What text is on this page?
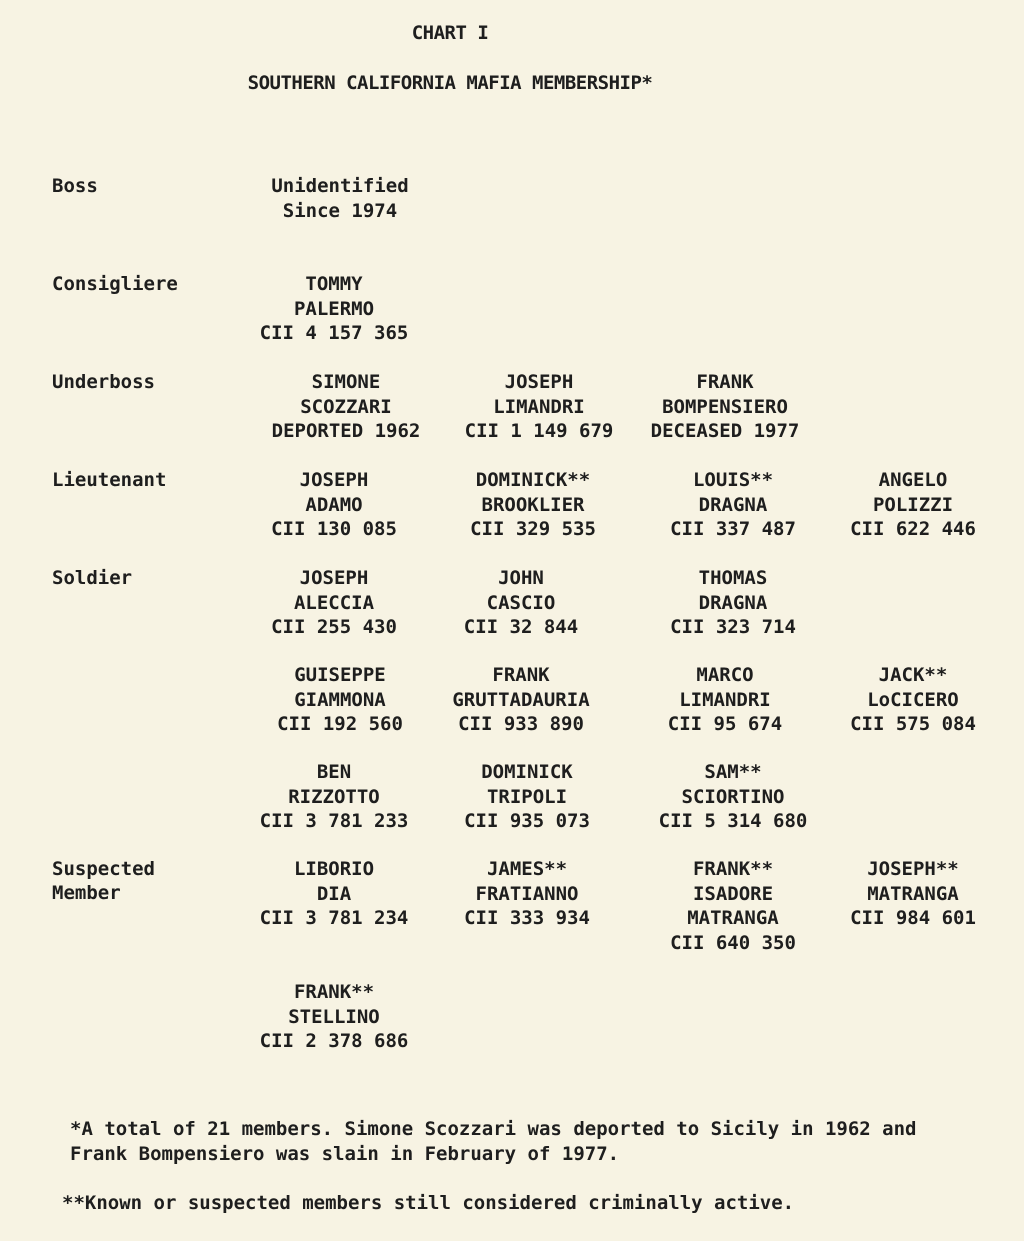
CHART I
SOUTHERN CALIFORNIA MAFIA MEMBERSHIP*
Boss
Consigliere
Underboss
Lieutenant
Soldier
Suspected
Member
Unidentified
Since 1974
TOMMY
PALERMO
CII 4 157 365
SIMONE
SCOZZARI
DEPORTED 1962
JOSEPH
LIMANDRI
CII 1 149 679
FRANK
BOMPENSIERO
DECEASED 1977
JOSEPH
ADAMO
CII 130 085
DOMINICK**
BROOKLIER
CII 329 535
LOUIS**
DRAGNA
CII 337 487
ANGELO
POLIZZI
CII 622 446
JOSEPH
ALECCIA
CII 255 430
JOHN
CASCIO
CII 32 844
THOMAS
DRAGNA
CII 323 714
GUISEPPE
GIAMMONA
CII 192 560
FRANK
GRUTTADAURIA
CII 933 890
MARCO
LIMANDRI
CII 95 674
JACK**
LoCICERO
CII 575 084
BEN
RIZZOTTO
CII 3 781 233
DOMINICK
TRIPOLI
CII 935 073
SAM**
SCIORTINO
CII 5 314 680
LIBORIO
DIA
CII 3 781 234
JAMES**
FRATIANNO
CII 333 934
FRANK**
ISADORE
MATRANGA
CII 640 350
JOSEPH**
MATRANGA
CII 984 601
FRANK**
STELLINO
CII 2 378 686
*A total of 21 members. Simone Scozzari was deported to Sicily in 1962 and
Frank Bompensiero was slain in February of 1977.
**Known or suspected members still considered criminally active.
